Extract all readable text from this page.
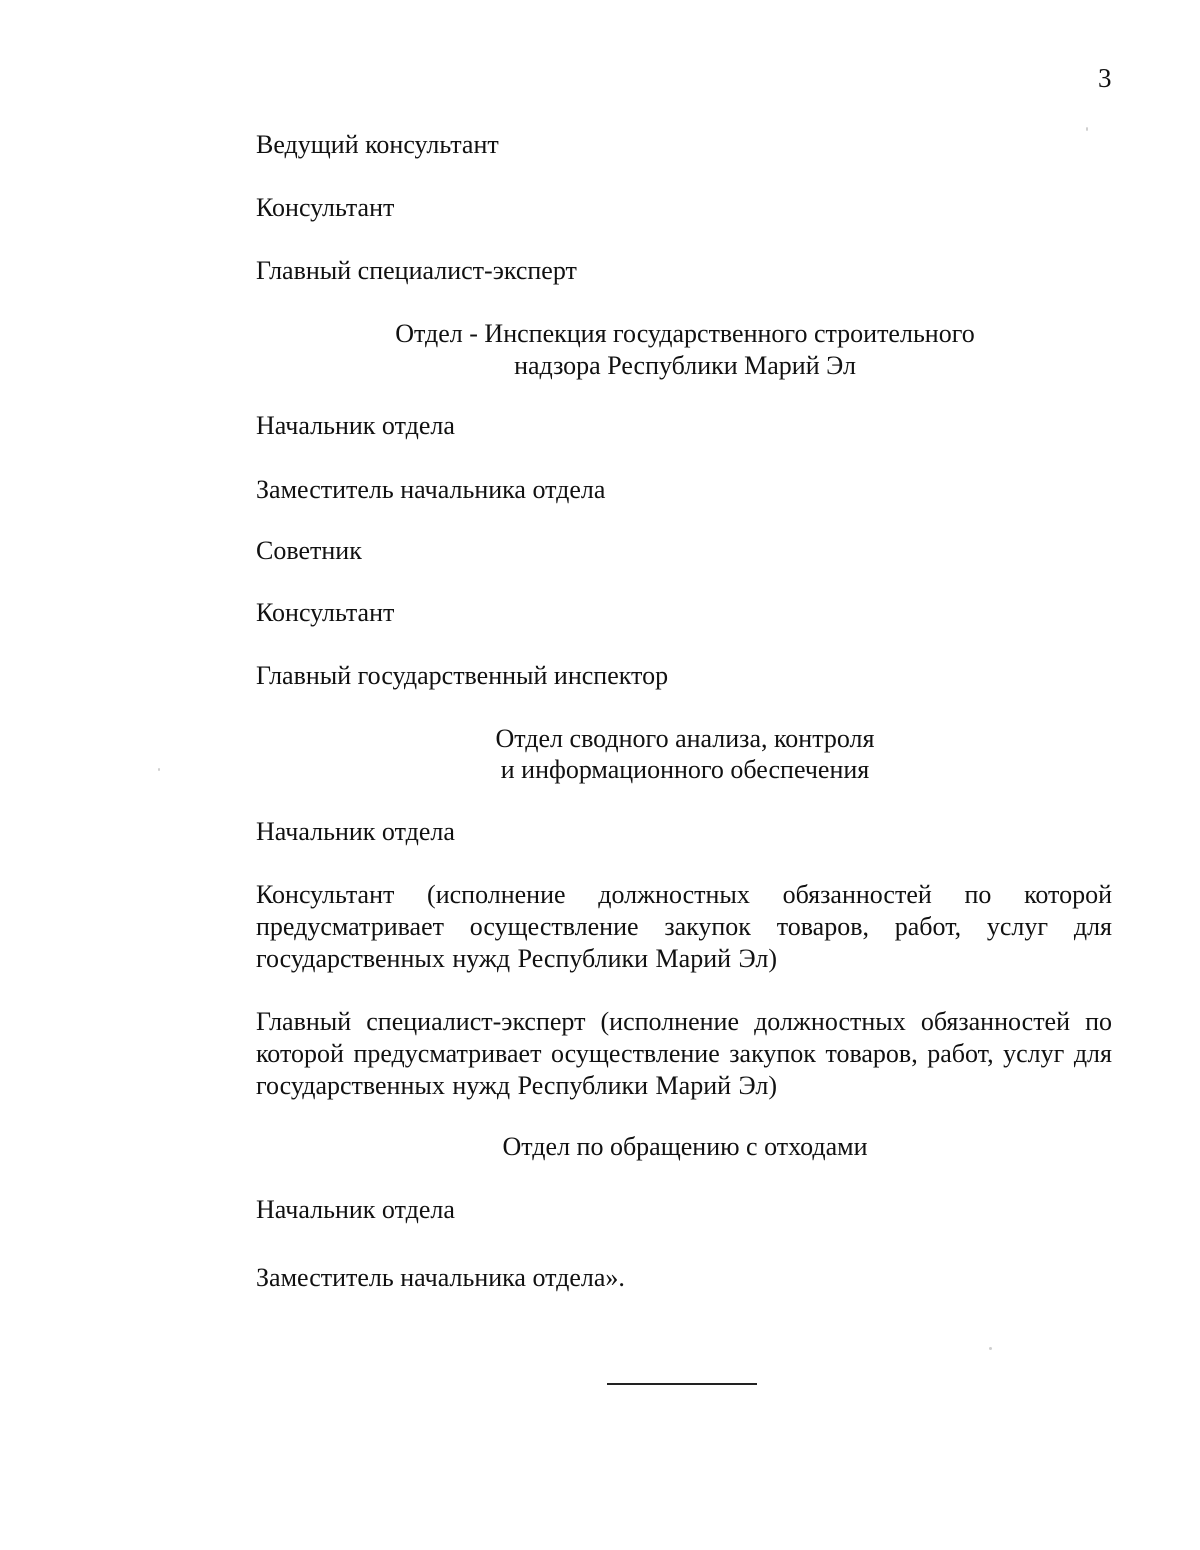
3
Ведущий консультант
Консультант
Главный специалист-эксперт
Отдел - Инспекция государственного строительного
надзора Республики Марий Эл
Начальник отдела
Заместитель начальника отдела
Советник
Консультант
Главный государственный инспектор
Отдел сводного анализа, контроля
и информационного обеспечения
Начальник отдела
Консультант (исполнение должностных обязанностей по которой предусматривает осуществление закупок товаров, работ, услуг для государственных нужд Республики Марий Эл)
Главный специалист-эксперт (исполнение должностных обязанностей по которой предусматривает осуществление закупок товаров, работ, услуг для государственных нужд Республики Марий Эл)
Отдел по обращению с отходами
Начальник отдела
Заместитель начальника отдела».
